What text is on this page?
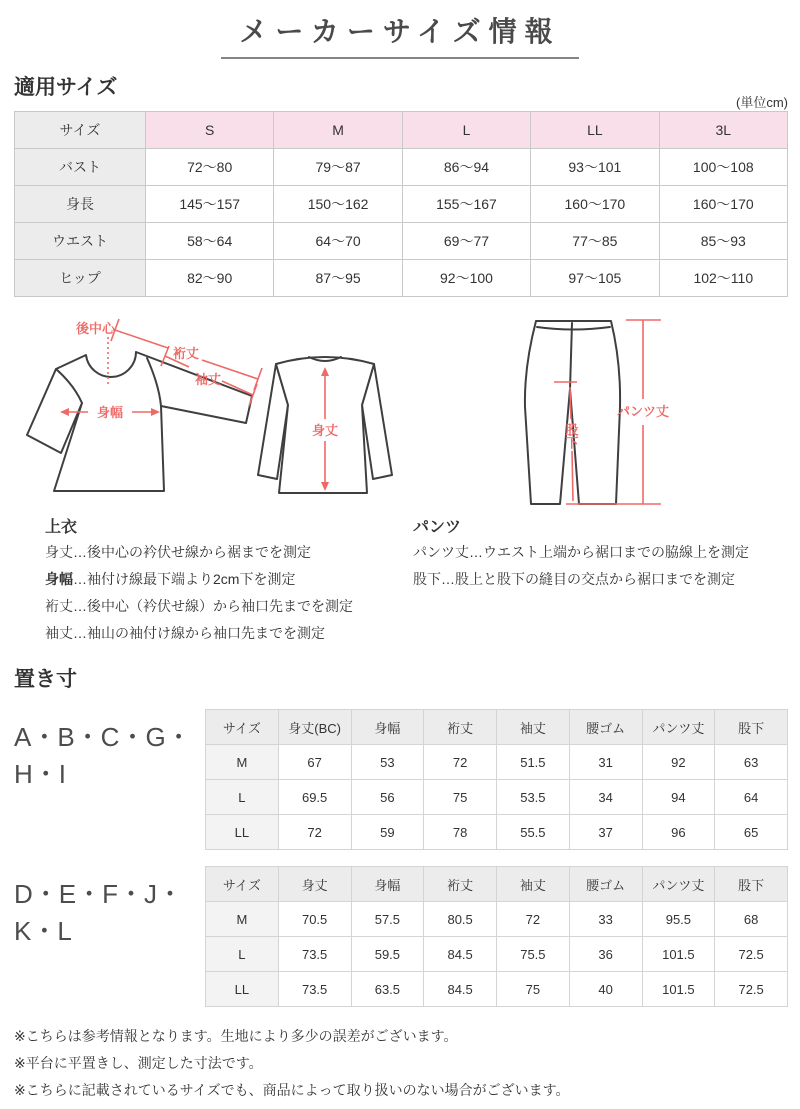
メーカーサイズ情報
適用サイズ
(単位cm)
サイズ	S	M	L	LL	3L
バスト	72〜80	79〜87	86〜94	93〜101	100〜108
身長	145〜157	150〜162	155〜167	160〜170	160〜170
ウエスト	58〜64	64〜70	69〜77	77〜85	85〜93
ヒップ	82〜90	87〜95	92〜100	97〜105	102〜110
後中心
裄丈
袖丈
身幅
身丈
パンツ丈
股下
上衣
身丈…後中心の衿伏せ線から裾までを測定
身幅…袖付け線最下端より2cm下を測定
裄丈…後中心（衿伏せ線）から袖口先までを測定
袖丈…袖山の袖付け線から袖口先までを測定
パンツ
パンツ丈…ウエスト上端から裾口までの脇線上を測定
股下…股上と股下の縫目の交点から裾口までを測定
置き寸
A・B・C・G・H・I
サイズ	身丈(BC)	身幅	裄丈	袖丈	腰ゴム	パンツ丈	股下
M	67	53	72	51.5	31	92	63
L	69.5	56	75	53.5	34	94	64
LL	72	59	78	55.5	37	96	65
D・E・F・J・K・L
サイズ	身丈	身幅	裄丈	袖丈	腰ゴム	パンツ丈	股下
M	70.5	57.5	80.5	72	33	95.5	68
L	73.5	59.5	84.5	75.5	36	101.5	72.5
LL	73.5	63.5	84.5	75	40	101.5	72.5
※こちらは参考情報となります。生地により多少の誤差がございます。
※平台に平置きし、測定した寸法です。
※こちらに記載されているサイズでも、商品によって取り扱いのない場合がございます。
